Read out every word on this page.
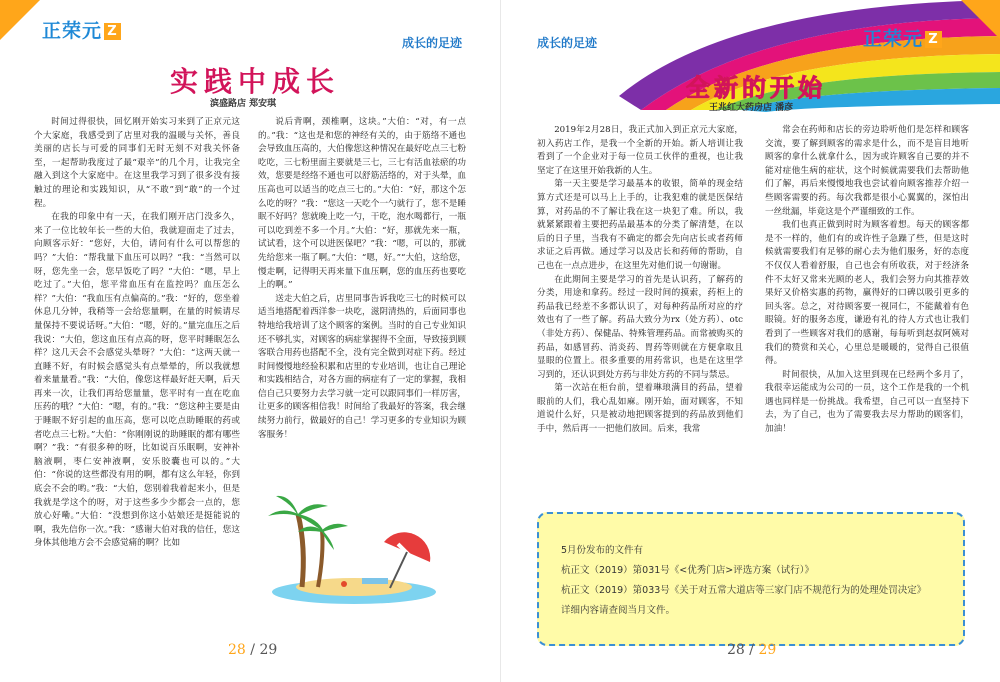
正荣元 Z
成长的足迹
实践中成长
滨盛路店 郑安琪

时间过得很快，回忆刚开始实习来到了正京元这个大家庭，我感受到了店里对我的温暖与关怀，善良美丽的店长与可爱的同事们无时无刻不对我关怀备至，一起帮助我度过了最“艰辛”的几个月，让我完全融入到这个大家庭中。在这里我学习到了很多没有接触过的理论和实践知识，从“不敢”到“敢”的一个过程。

在我的印象中有一天，在我们刚开店门没多久，来了一位比较年长一些的大伯，我就迎面走了过去，向顾客示好：“您好，大伯，请问有什么可以帮您的吗？”大伯：“帮我量下血压可以吗？”我：“当然可以呀，您先坐一会，您早饭吃了吗？”大伯：“嗯，早上吃过了。”大伯，您平常血压有在监控吗？血压怎么样？”大伯：“我血压有点偏高的。”我：“好的，您坐着休息几分钟，我稍等一会给您量啊，在量的时候请尽量保持不要说话呀。”大伯：“嗯，好的。”量完血压之后我说：“大伯，您这血压有点高的呀，您平时睡眠怎么样？这几天会不会感觉头晕呀？”大伯：“这两天就一直睡不好，有时候会感觉头有点晕晕的，所以我就想着来量量看。”我：“大伯，像您这样最好赶天啊，后天再来一次，让我们再给您量量，您平时有一直在吃血压药的哦？”大伯：“嗯，有的。”我：“您这种主要是由于睡眠不好引起的血压高，您可以吃点助睡眠的药或者吃点三七粉。”大伯：“你刚刚说的助睡眠的都有哪些啊？”我：“有很多种的呀，比如说百乐眠啊，安神补脑液啊，枣仁安神液啊，安乐胶囊也可以的。”大伯：“你说的这些都没有用的啊，都有这么年轻，你到底会不会的哟。”我：“大伯，您别着我着起来小，但是我就是学这个的呀，对于这些多少少都会一点的，您放心好嘞。”大伯：“没想到你这小姑娘还是挺能说的啊，我先信你一次。”我：“感谢大伯对我的信任，您这身体其他地方会不会感觉痛的啊？比如

说后背啊，颈椎啊，这块。”大伯：“对，有一点的。”我：“这也是和您的神经有关的，由于筋络不通也会导致血压高的，大伯像您这种情况在最好吃点三七粉吃吃，三七粉里面主要就是三七，三七有活血祛瘀的功效，您要是经络不通也可以舒筋活络的，对于头晕，血压高也可以适当的吃点三七的。”大伯：“好，那这个怎么吃的呀？”我：“您这一天吃个一勺就行了，您不是睡眠不好吗？您就晚上吃一勺，干吃，泡水喝都行，一瓶可以吃到差不多一个月。”大伯：“好，那就先来一瓶，试试看，这个可以进医保吧？”我：“嗯，可以的，那就先给您来一瓶了啊。”大伯：“嗯，好。”“大伯，这给您，慢走啊，记得明天再来量下血压啊，您的血压药也要吃上的啊。”

送走大伯之后，店里同事告诉我吃三七的时候可以适当地搭配着西洋参一块吃，滋阴清热的，后面同事也特地给我培训了这个顾客的案例。当时的自己专业知识还不够扎实，对顾客的病症掌握得不全面，导致接到顾客联合用药也搭配不全，没有完全做到对症下药。经过时间慢慢地经验积累和店里的专业培训，也让自己理论和实践相结合，对各方面的病症有了一定的掌握，我相信自己只要努力去学习就一定可以跟同事们一样厉害，让更多的顾客相信我！时间给了我最好的答案，我会继续努力前行，做最好的自己！学习更多的专业知识为顾客服务！

28 / 29
正荣元 Z
成长的足迹
全新的开始
王兆红大药房店 潘彦

2019年2月28日，我正式加入到正京元大家庭，初入药店工作，是我一个全新的开始。新人培训让我看到了一个企业对于每一位员工伙伴的重视，也让我坚定了在这里开始我新的人生。

第一天主要是学习最基本的收银，简单的现金结算方式还是可以马上上手的，让我犯难的就是医保结算，对药品的不了解让我在这一块犯了难。所以，我就紧紧跟着主要把药品最基本的分类了解清楚，在以后的日子里，当我有不确定的都会先向店长或者药师求证之后再做。通过学习以及店长和药师的帮助，自己也在一点点进步，在这里先对他们说一句谢谢。

在此期间主要是学习的首先是认识药，了解药的分类，用途和拿药。经过一段时间的摸索，药柜上的药品我已经差不多都认识了，对每种药品所对应的疗效也有了一些了解。药品大致分为rx（处方药）、otc（非处方药）、保健品、特殊管理药品。而常被购买的药品，如感冒药、消炎药、胃药等则就在方便拿取且显眼的位置上。很多重要的用药常识，也是在这里学习到的，还认识到处方药与非处方药的不同与禁忌。

第一次站在柜台前，望着琳琅满目的药品，望着眼前的人们，我心乱如麻。刚开始，面对顾客，不知道说什么好，只是被动地把顾客提到的药品放到他们手中，然后再一一把他们放回。后来，我常

常会在药师和店长的旁边聆听他们是怎样和顾客交流，要了解到顾客的需求是什么，而不是盲目地听顾客的拿什么就拿什么，因为或许顾客自己要的并不能对症他生病的症状，这个时候就需要我们去帮助他们了解，再后来慢慢地我也尝试着向顾客推荐介绍一些顾客需要的药。每次我都是很小心翼翼的，深怕出一丝纰漏，毕竟这是个严谨细致的工作。

我们也真正做到时时为顾客着想。每天的顾客都是不一样的，他们有的或许性子急躁了些，但是这时候就需要我们有足够的耐心去为他们服务，好的态度不仅仅人看着舒服，自己也会有所收获，对于经济条件不太好又常来光顾的老人，我们会努力向其推荐效果好又价格实惠的药物，赢得好的口碑以吸引更多的回头客。总之，对待顾客要一视同仁，不能戴着有色眼镜。好的服务态度，谦逊有礼的待人方式也让我们看到了一些顾客对我们的感谢，每每听到赵叔阿姨对我们的赞赏和关心，心里总是暖暖的，觉得自己很值得。

时间很快，从加入这里到现在已经两个多月了，我很幸运能成为公司的一员，这个工作是我的一个机遇也同样是一份挑战。我希望，自己可以一直坚持下去，为了自己，也为了需要我去尽力帮助的顾客们，加油！

5月份发布的文件有
杭正文（2019）第031号《<优秀门店>评选方案（试行）》
杭正文（2019）第033号《关于对五常大道店等三家门店不规范行为的处理处罚决定》
详细内容请查阅当月文件。
28 / 29
